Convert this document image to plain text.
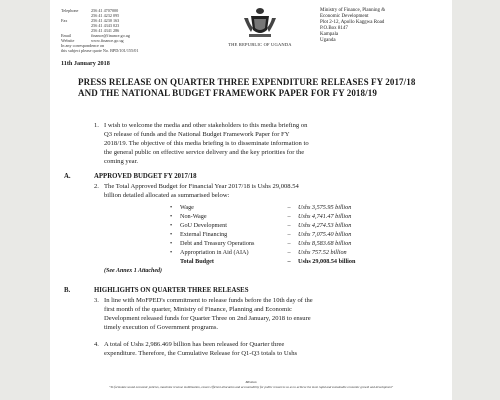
Telephone	256 41 4707000
256 41 4232 095
Fax	256 41 4230 163
256 41 4343 023
256 41 4341 286
Email	finance@finance.go.ug
Website	www.finance.go.ug
In any correspondence on
this subject please quote No. BPD/101/155/01
THE REPUBLIC OF UGANDA
Ministry of Finance, Planning &
Economic Development
Plot 2-12, Apollo Kaggwa Road
P.O.Box 8147
Kampala
Uganda
11th January 2018
PRESS RELEASE ON QUARTER THREE EXPENDITURE RELEASES FY 2017/18 AND THE NATIONAL BUDGET FRAMEWORK PAPER FOR FY 2018/19
1. I wish to welcome the media and other stakeholders to this media briefing on
Q3 release of funds and the National Budget Framework Paper for FY
2018/19. The objective of this media briefing is to disseminate information to
the general public on effective service delivery and the key priorities for the
coming year.
A.	APPROVED BUDGET FY 2017/18
2. The Total Approved Budget for Financial Year 2017/18 is Ushs 29,008.54
billion detailed allocated as summarised below:
•	Wage	–	Ushs 3,575.95 billion
•	Non-Wage	–	Ushs 4,741.47 billion
•	GoU Development	–	Ushs 4,274.53 billion
•	External Financing	–	Ushs 7,075.40 billion
•	Debt and Treasury Operations	–	Ushs 8,583.68 billion
•	Appropriation in Aid (AIA)	–	Ushs 757.52 billion
Total Budget	–	Ushs 29,008.54 billion
(See Annex 1 Attached)
B.	HIGHLIGHTS ON QUARTER THREE RELEASES
3. In line with MoFPED's commitment to release funds before the 10th day of the
first month of the quarter, Ministry of Finance, Planning and Economic
Development released funds for Quarter Three on 2nd January, 2018 to ensure
timely execution of Government programs.
4. A total of Ushs 2,986.469 billion has been released for Quarter three
expenditure. Therefore, the Cumulative Release for Q1-Q3 totals to Ushs
Mission
"To formulate sound economic policies, maximize revenue mobilization, ensure efficient allocation and accountability for public resources so as to achieve the most rapid and sustainable economic growth and development"
